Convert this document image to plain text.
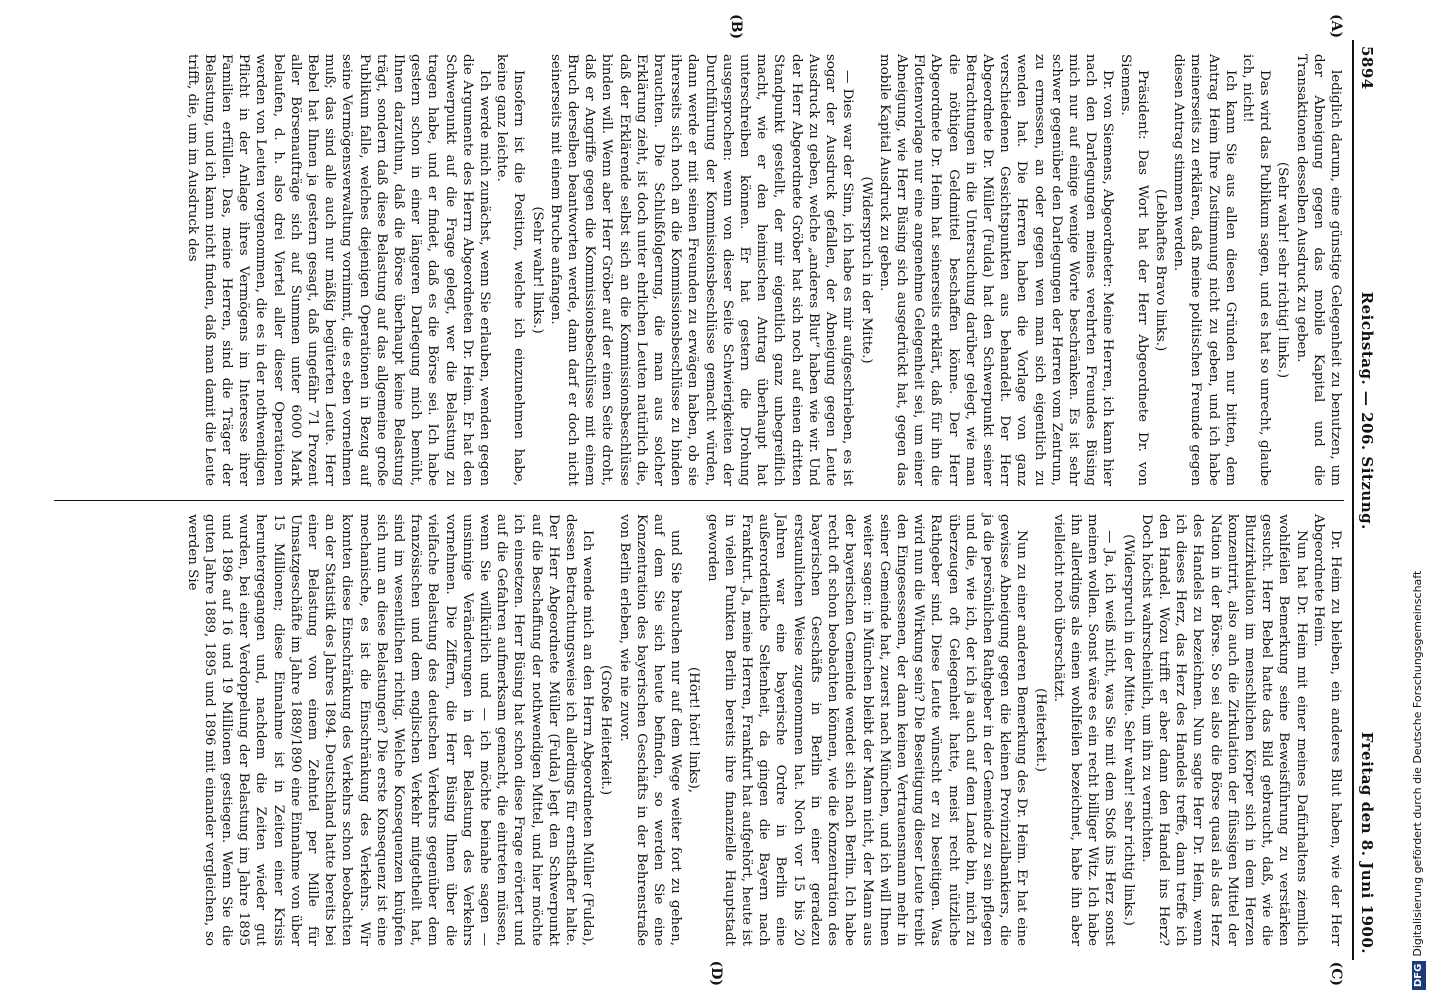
5894
Reichstag. — 206. Sitzung.
Freitag den 8. Juni 1900.
(A)
(B)
(C)
(D)

lediglich darum, eine günstige Gelegenheit zu benutzen, um der Abneigung gegen das mobile Kapital und die Transaktionen desselben Ausdruck zu geben.

(Sehr wahr! sehr richtig! links.)

Das wird das Publikum sagen, und es hat so unrecht, glaube ich, nicht!

Ich kann Sie aus allen diesen Gründen nur bitten, dem Antrag Heim Ihre Zustimmung nicht zu geben, und ich habe meinerseits zu erklären, daß meine politischen Freunde gegen diesen Antrag stimmen werden.

(Lebhaftes Bravo links.)

Präsident: Das Wort hat der Herr Abgeordnete Dr. von Siemens.

Dr. von Siemens, Abgeordneter: Meine Herren, ich kann hier nach den Darlegungen meines verehrten Freundes Büsing mich nur auf einige wenige Worte beschränken. Es ist sehr schwer gegenüber den Darlegungen der Herren vom Zentrum, zu ermessen, an oder gegen wen man sich eigentlich zu wenden hat. Die Herren haben die Vorlage von ganz verschiedenen Gesichtspunkten aus behandelt. Der Herr Abgeordnete Dr. Müller (Fulda) hat den Schwerpunkt seiner Betrachtungen in die Untersuchung darüber gelegt, wie man die nöthigen Geldmittel beschaffen könne. Der Herr Abgeordnete Dr. Heim hat seinerseits erklärt, daß für ihn die Flottenvorlage nur eine angenehme Gelegenheit sei, um einer Abneigung, wie Herr Büsing sich ausgedrückt hat, gegen das mobile Kapital Ausdruck zu geben.

(Widerspruch in der Mitte.)

— Dies war der Sinn, ich habe es mir aufgeschrieben, es ist sogar der Ausdruck gefallen, der Abneigung gegen Leute Ausdruck zu geben, welche „anderes Blut“ haben wie wir. Und der Herr Abgeordnete Gröber hat sich noch auf einen dritten Standpunkt gestellt, der mir eigentlich ganz unbegreiflich macht, wie er den heimischen Antrag überhaupt hat unterschreiben können. Er hat gestern die Drohung ausgesprochen: wenn von dieser Seite Schwierigkeiten der Durchführung der Kommissionsbeschlüsse gemacht würden, dann werde er mit seinen Freunden zu erwägen haben, ob sie ihrerseits sich noch an die Kommissionsbeschlüsse zu binden brauchten. Die Schlußfolgerung, die man aus solcher Erklärung zieht, ist doch unter ehrlichen Leuten natürlich die, daß der Erklärende selbst sich an die Kommissionsbeschlüsse binden will. Wenn aber Herr Gröber auf der einen Seite droht, daß er Angriffe gegen die Kommissionsbeschlüsse mit einem Bruch derselben beantworten werde, dann darf er doch nicht seinerseits mit einem Bruche anfangen.

(Sehr wahr! links.)

Insofern ist die Position, welche ich einzunehmen habe, keine ganz leichte.

Ich werde mich zunächst, wenn Sie erlauben, wenden gegen die Argumente des Herrn Abgeordneten Dr. Heim. Er hat den Schwerpunkt auf die Frage gelegt, wer die Belastung zu tragen habe, und er findet, daß es die Börse sei. Ich habe gestern schon in einer längeren Darlegung mich bemüht, Ihnen darzuthun, daß die Börse überhaupt keine Belastung trägt, sondern daß diese Belastung auf das allgemeine große Publikum falle, welches diejenigen Operationen in Bezug auf seine Vermögensverwaltung vornimmt, die es eben vornehmen muß; das sind alle auch nur mäßig begüterten Leute. Herr Bebel hat Ihnen ja gestern gesagt, daß ungefähr 71 Prozent aller Börsenaufträge sich auf Summen unter 6000 Mark belaufen, d. h. also drei Viertel aller dieser Operationen werden von Leuten vorgenommen, die es in der nothwendigen Pflicht in der Anlage ihres Vermögens im Interesse ihrer Familien erfüllen. Das, meine Herren, sind die Träger der Belastung, und ich kann nicht finden, daß man damit die Leute trifft, die, um im Ausdruck des

Dr. Heim zu bleiben, ein anderes Blut haben, wie der Herr Abgeordnete Heim.

Nun hat Dr. Heim mit einer meines Dafürhaltens ziemlich wohlfeilen Bemerkung seine Beweisführung zu verstärken gesucht. Herr Bebel hatte das Bild gebraucht, daß, wie die Blutzirkulation im menschlichen Körper sich in dem Herzen konzentrirt, also auch die Zirkulation der flüssigen Mittel der Nation in der Börse. So sei also die Börse quasi als das Herz des Handels zu bezeichnen. Nun sagte Herr Dr. Heim, wenn ich dieses Herz, das Herz des Handels treffe, dann treffe ich den Handel. Wozu trifft er aber dann den Handel ins Herz? Doch höchst wahrscheinlich, um ihn zu vernichten.

(Widerspruch in der Mitte. Sehr wahr! sehr richtig links.)

— Ja, ich weiß nicht, was Sie mit dem Stoß ins Herz sonst meinen wollen. Sonst wäre es ein recht billiger Witz. Ich habe ihn allerdings als einen wohlfeilen bezeichnet, habe ihn aber vielleicht noch überschätzt.

(Heiterkeit.)

Nun zu einer anderen Bemerkung des Dr. Heim. Er hat eine gewisse Abneigung gegen die kleinen Provinzialbankiers, die ja die persönlichen Rathgeber in der Gemeinde zu sein pflegen und die, wie ich, der ich ja auch auf dem Lande bin, mich zu überzeugen oft Gelegenheit hatte, meist recht nützliche Rathgeber sind. Diese Leute wünscht er zu beseitigen. Was wird nun die Wirkung sein? Die Beseitigung dieser Leute treibt den Eingesessenen, der dann keinen Vertrauensmann mehr in seiner Gemeinde hat, zuerst nach München, und ich will Ihnen weiter sagen: in München bleibt der Mann nicht, der Mann aus der bayerischen Gemeinde wendet sich nach Berlin. Ich habe recht oft schon beobachten können, wie die Konzentration des bayerischen Geschäfts in Berlin in einer geradezu erstaunlichen Weise zugenommen hat. Noch vor 15 bis 20 Jahren war eine bayerische Ordre in Berlin eine außerordentliche Seltenheit, da gingen die Bayern nach Frankfurt. Ja, meine Herren, Frankfurt hat aufgehört, heute ist in vielen Punkten Berlin bereits ihre finanzielle Hauptstadt geworden

(Hört! hört! links),

und Sie brauchen nur auf dem Wege weiter fort zu gehen, auf dem Sie sich heute befinden, so werden Sie eine Konzentration des bayerischen Geschäfts in der Behrenstraße von Berlin erleben, wie nie zuvor.

(Große Heiterkeit.)

Ich wende mich an den Herrn Abgeordneten Müller (Fulda), dessen Betrachtungsweise ich allerdings für ernsthafter halte. Der Herr Abgeordnete Müller (Fulda) legt den Schwerpunkt auf die Beschaffung der nothwendigen Mittel, und hier möchte ich einsetzen. Herr Büsing hat schon diese Frage erörtert und auf die Gefahren aufmerksam gemacht, die eintreten müssen, wenn Sie willkürlich und — ich möchte beinahe sagen — unsinnige Veränderungen in der Belastung des Verkehrs vornehmen. Die Ziffern, die Herr Büsing Ihnen über die vielfache Belastung des deutschen Verkehrs gegenüber dem französischen und dem englischen Verkehr mitgetheilt hat, sind im wesentlichen richtig. Welche Konsequenzen knüpfen sich nun an diese Belastungen? Die erste Konsequenz ist eine mechanische, es ist die Einschränkung des Verkehrs. Wir konnten diese Einschränkung des Verkehrs schon beobachten an der Statistik des Jahres 1894. Deutschland hatte bereits bei einer Belastung von einem Zehntel per Mille für Umsatzgeschäfte im Jahre 1889/1890 eine Einnahme von über 15 Millionen; diese Einnahme ist in Zeiten einer Krisis heruntergegangen und, nachdem die Zeiten wieder gut wurden, bei einer Verdoppelung der Belastung im Jahre 1895 und 1896 auf 16 und 19 Millionen gestiegen. Wenn Sie die guten Jahre 1889, 1895 und 1896 mit einander vergleichen, so werden Sie

DFGDigitalisierung gefördert durch die Deutsche Forschungsgemeinschaft
